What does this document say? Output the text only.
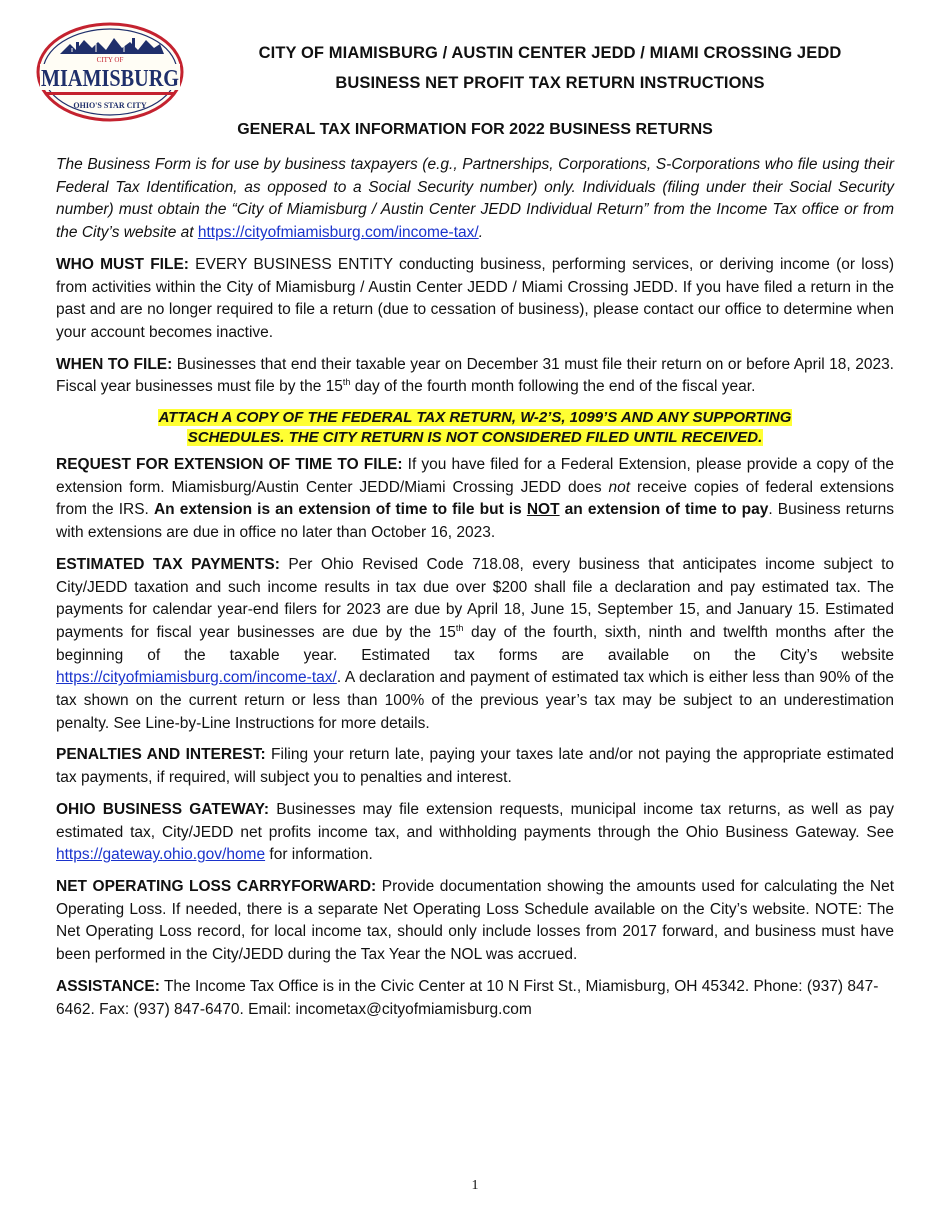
CITY OF
MIAMISBURG
OHIO'S STAR CITY
CITY OF MIAMISBURG / AUSTIN CENTER JEDD / MIAMI CROSSING JEDD
BUSINESS NET PROFIT TAX RETURN INSTRUCTIONS
GENERAL TAX INFORMATION FOR 2022 BUSINESS RETURNS

The Business Form is for use by business taxpayers (e.g., Partnerships, Corporations, S-Corporations who file using their Federal Tax Identification, as opposed to a Social Security number) only. Individuals (filing under their Social Security number) must obtain the “City of Miamisburg / Austin Center JEDD Individual Return” from the Income Tax office or from the City’s website at https://cityofmiamisburg.com/income-tax/.

WHO MUST FILE: EVERY BUSINESS ENTITY conducting business, performing services, or deriving income (or loss) from activities within the City of Miamisburg / Austin Center JEDD / Miami Crossing JEDD. If you have filed a return in the past and are no longer required to file a return (due to cessation of business), please contact our office to determine when your account becomes inactive.

WHEN TO FILE: Businesses that end their taxable year on December 31 must file their return on or before April 18, 2023. Fiscal year businesses must file by the 15th day of the fourth month following the end of the fiscal year.

ATTACH A COPY OF THE FEDERAL TAX RETURN, W-2’S, 1099’S AND ANY SUPPORTING
SCHEDULES. THE CITY RETURN IS NOT CONSIDERED FILED UNTIL RECEIVED.

REQUEST FOR EXTENSION OF TIME TO FILE: If you have filed for a Federal Extension, please provide a copy of the extension form. Miamisburg/Austin Center JEDD/Miami Crossing JEDD does not receive copies of federal extensions from the IRS. An extension is an extension of time to file but is NOT an extension of time to pay. Business returns with extensions are due in office no later than October 16, 2023.

ESTIMATED TAX PAYMENTS: Per Ohio Revised Code 718.08, every business that anticipates income subject to City/JEDD taxation and such income results in tax due over $200 shall file a declaration and pay estimated tax. The payments for calendar year-end filers for 2023 are due by April 18, June 15, September 15, and January 15. Estimated payments for fiscal year businesses are due by the 15th day of the fourth, sixth, ninth and twelfth months after the beginning of the taxable year. Estimated tax forms are available on the City’s website https://cityofmiamisburg.com/income-tax/. A declaration and payment of estimated tax which is either less than 90% of the tax shown on the current return or less than 100% of the previous year’s tax may be subject to an underestimation penalty. See Line-by-Line Instructions for more details.

PENALTIES AND INTEREST: Filing your return late, paying your taxes late and/or not paying the appropriate estimated tax payments, if required, will subject you to penalties and interest.

OHIO BUSINESS GATEWAY: Businesses may file extension requests, municipal income tax returns, as well as pay estimated tax, City/JEDD net profits income tax, and withholding payments through the Ohio Business Gateway. See https://gateway.ohio.gov/home for information.

NET OPERATING LOSS CARRYFORWARD: Provide documentation showing the amounts used for calculating the Net Operating Loss. If needed, there is a separate Net Operating Loss Schedule available on the City’s website. NOTE: The Net Operating Loss record, for local income tax, should only include losses from 2017 forward, and business must have been performed in the City/JEDD during the Tax Year the NOL was accrued.

ASSISTANCE: The Income Tax Office is in the Civic Center at 10 N First St., Miamisburg, OH 45342. Phone: (937) 847-6462. Fax: (937) 847-6470. Email: incometax@cityofmiamisburg.com

1
